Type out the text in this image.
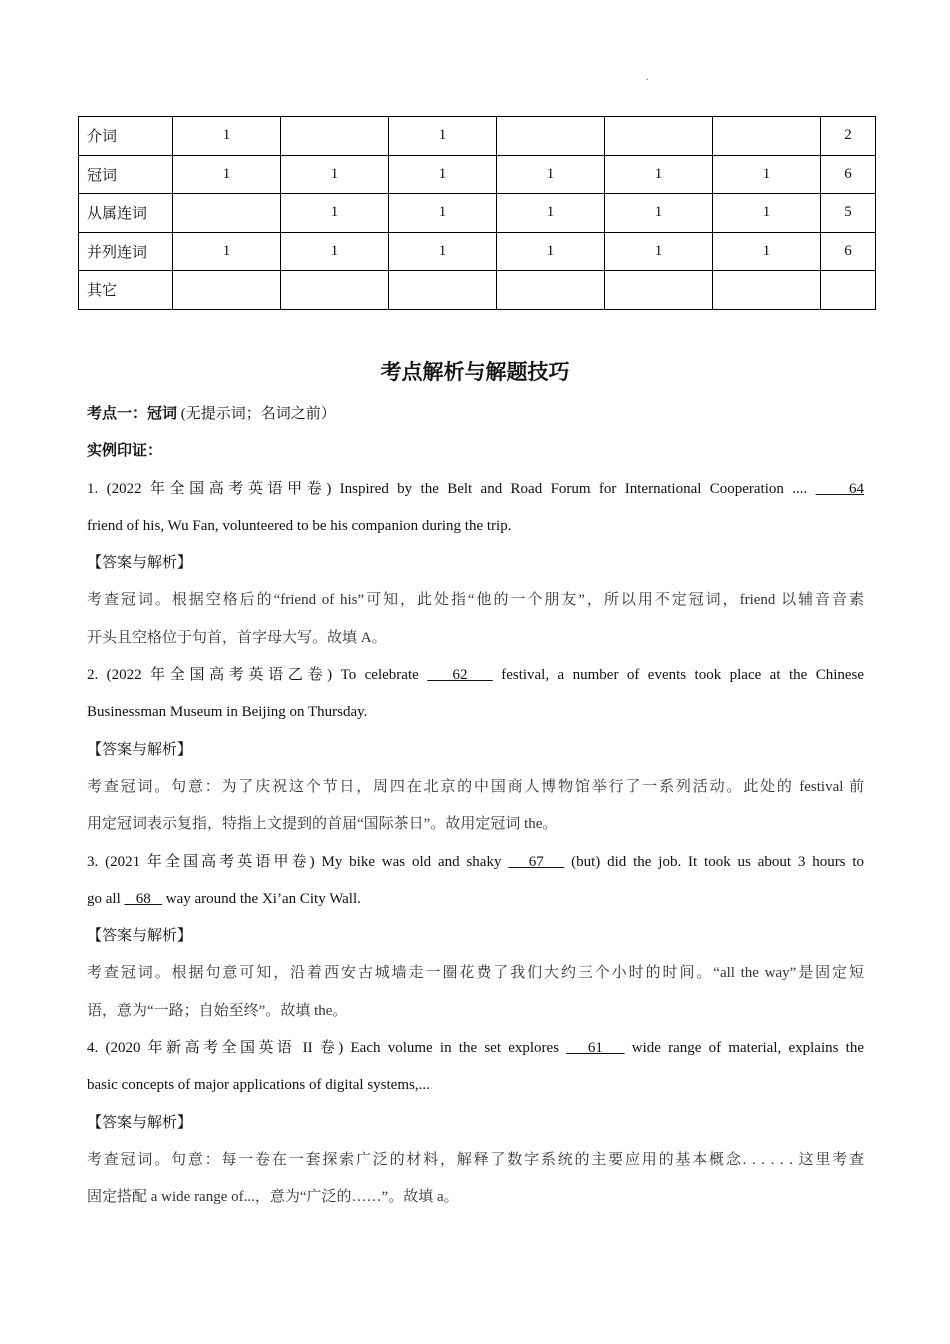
.
介词	1		1				2
冠词	1	1	1	1	1	1	6
从属连词		1	1	1	1	1	5
并列连词	1	1	1	1	1	1	6
其它							
考点解析与解题技巧
考点一：冠词 (无提示词；名词之前）
实例印证：
1. (2022 年全国高考英语甲卷) Inspired by the Belt and Road Forum for International Cooperation ....     64
friend of his, Wu Fan, volunteered to be his companion during the trip.
【答案与解析】
考查冠词。根据空格后的“friend of his”可知，此处指“他的一个朋友”，所以用不定冠词，friend 以辅音音素
开头且空格位于句首，首字母大写。故填 A。
2. (2022 年全国高考英语乙卷) To celebrate    62    festival, a number of events took place at the Chinese
Businessman Museum in Beijing on Thursday.
【答案与解析】
考查冠词。句意：为了庆祝这个节日，周四在北京的中国商人博物馆举行了一系列活动。此处的 festival 前
用定冠词表示复指，特指上文提到的首届“国际茶日”。故用定冠词 the。
3. (2021 年全国高考英语甲卷) My bike was old and shaky    67    (but) did the job. It took us about 3 hours to
go all    68    way around the Xi’an City Wall.
【答案与解析】
考查冠词。根据句意可知，沿着西安古城墙走一圈花费了我们大约三个小时的时间。“all the way”是固定短
语，意为“一路；自始至终”。故填 the。
4. (2020 年新高考全国英语 II 卷) Each volume in the set explores    61    wide range of material, explains the
basic concepts of major applications of digital systems,...
【答案与解析】
考查冠词。句意：每一卷在一套探索广泛的材料，解释了数字系统的主要应用的基本概念. . . . . . 这里考查
固定搭配 a wide range of...，意为“广泛的……”。故填 a。
